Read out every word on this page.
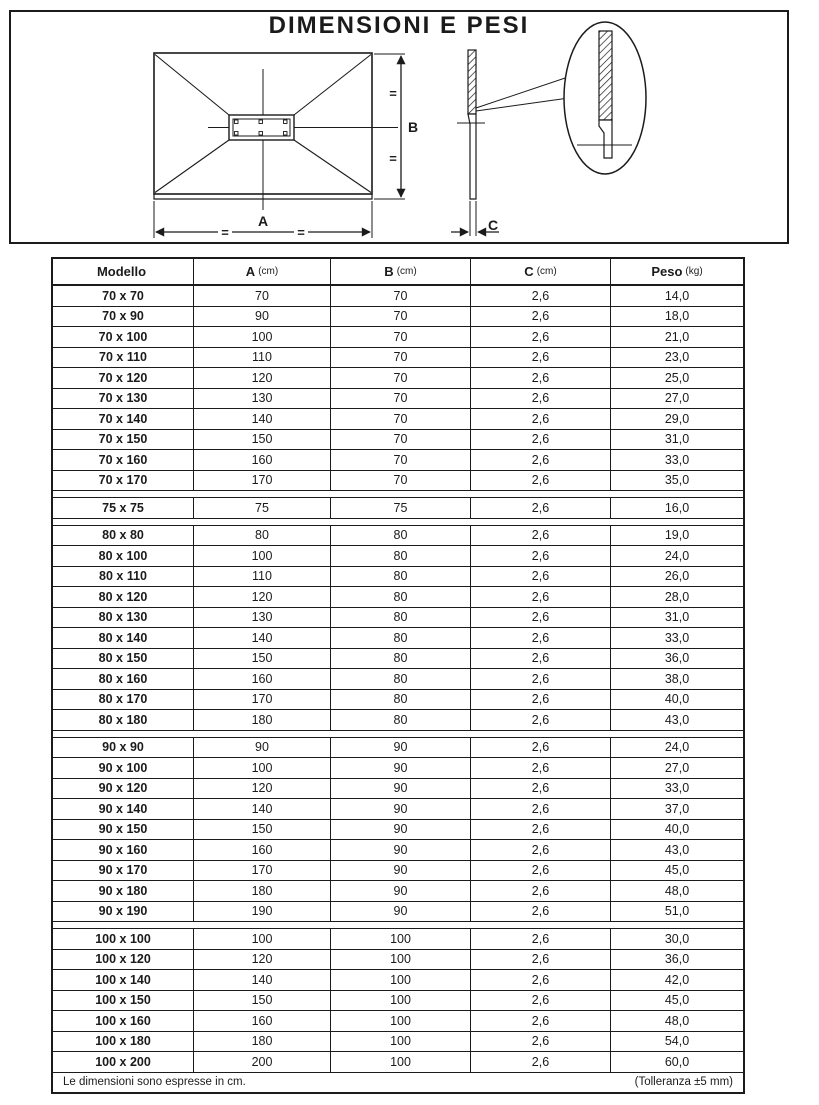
DIMENSIONI E PESI
A
B
C
=
=
=	=
Modello	A (cm)	B (cm)	C (cm)	Peso (kg)
70 x 70	70	70	2,6	14,0
70 x 90	90	70	2,6	18,0
70 x 100	100	70	2,6	21,0
70 x 110	110	70	2,6	23,0
70 x 120	120	70	2,6	25,0
70 x 130	130	70	2,6	27,0
70 x 140	140	70	2,6	29,0
70 x 150	150	70	2,6	31,0
70 x 160	160	70	2,6	33,0
70 x 170	170	70	2,6	35,0
75 x 75	75	75	2,6	16,0
80 x 80	80	80	2,6	19,0
80 x 100	100	80	2,6	24,0
80 x 110	110	80	2,6	26,0
80 x 120	120	80	2,6	28,0
80 x 130	130	80	2,6	31,0
80 x 140	140	80	2,6	33,0
80 x 150	150	80	2,6	36,0
80 x 160	160	80	2,6	38,0
80 x 170	170	80	2,6	40,0
80 x 180	180	80	2,6	43,0
90 x 90	90	90	2,6	24,0
90 x 100	100	90	2,6	27,0
90 x 120	120	90	2,6	33,0
90 x 140	140	90	2,6	37,0
90 x 150	150	90	2,6	40,0
90 x 160	160	90	2,6	43,0
90 x 170	170	90	2,6	45,0
90 x 180	180	90	2,6	48,0
90 x 190	190	90	2,6	51,0
100 x 100	100	100	2,6	30,0
100 x 120	120	100	2,6	36,0
100 x 140	140	100	2,6	42,0
100 x 150	150	100	2,6	45,0
100 x 160	160	100	2,6	48,0
100 x 180	180	100	2,6	54,0
100 x 200	200	100	2,6	60,0
Le dimensioni sono espresse in cm.	(Tolleranza ±5 mm)
